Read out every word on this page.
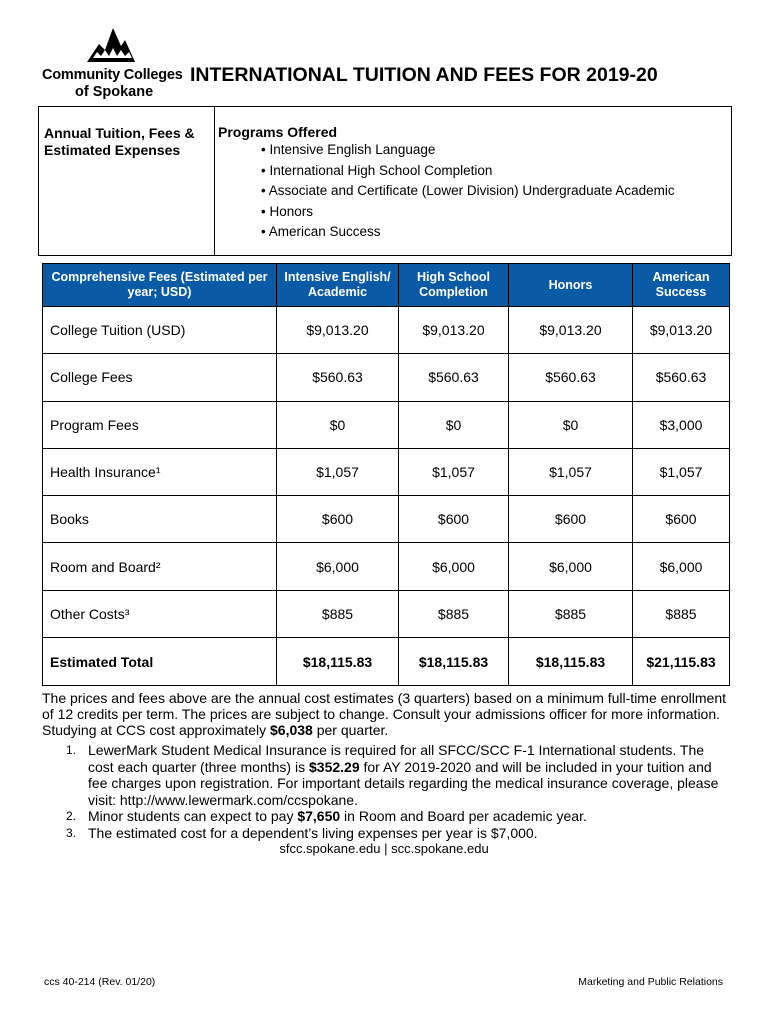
Community Colleges
of Spokane
INTERNATIONAL TUITION AND FEES FOR 2019-20
Annual Tuition, Fees & Estimated Expenses
Programs Offered
• Intensive English Language
• International High School Completion
• Associate and Certificate (Lower Division) Undergraduate Academic
• Honors
• American Success
Comprehensive Fees (Estimated per year; USD)	Intensive English/ Academic	High School Completion	Honors	American Success
College Tuition (USD)	$9,013.20	$9,013.20	$9,013.20	$9,013.20
College Fees	$560.63	$560.63	$560.63	$560.63
Program Fees	$0	$0	$0	$3,000
Health Insurance¹	$1,057	$1,057	$1,057	$1,057
Books	$600	$600	$600	$600
Room and Board²	$6,000	$6,000	$6,000	$6,000
Other Costs³	$885	$885	$885	$885
Estimated Total	$18,115.83	$18,115.83	$18,115.83	$21,115.83
The prices and fees above are the annual cost estimates (3 quarters) based on a minimum full-time enrollment of 12 credits per term. The prices are subject to change. Consult your admissions officer for more information. Studying at CCS cost approximately $6,038 per quarter.
1. LewerMark Student Medical Insurance is required for all SFCC/SCC F-1 International students. The cost each quarter (three months) is $352.29 for AY 2019-2020 and will be included in your tuition and fee charges upon registration. For important details regarding the medical insurance coverage, please visit: http://www.lewermark.com/ccspokane.
2. Minor students can expect to pay $7,650 in Room and Board per academic year.
3. The estimated cost for a dependent’s living expenses per year is $7,000.
sfcc.spokane.edu | scc.spokane.edu
ccs 40-214 (Rev. 01/20)	Marketing and Public Relations
